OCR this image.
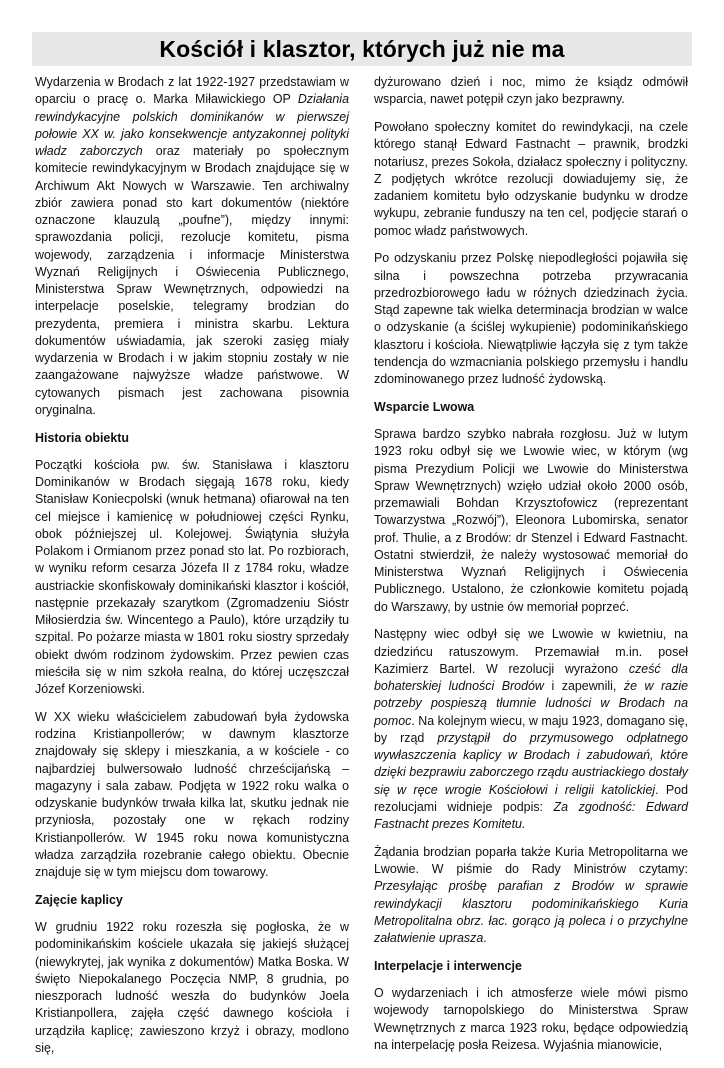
Kościół i klasztor, których już nie ma

Wydarzenia w Brodach z lat 1922-1927 przedstawiam w oparciu o pracę o. Marka Miławickiego OP Działania rewindykacyjne polskich dominikanów w pierwszej połowie XX w. jako konsekwencje antyzakonnej polityki władz zaborczych oraz materiały po społecznym komitecie rewindykacyjnym w Brodach znajdujące się w Archiwum Akt Nowych w Warszawie. Ten archiwalny zbiór zawiera ponad sto kart dokumentów (niektóre oznaczone klauzulą „poufne”), między innymi: sprawozdania policji, rezolucje komitetu, pisma wojewody, zarządzenia i informacje Ministerstwa Wyznań Religijnych i Oświecenia Publicznego, Ministerstwa Spraw Wewnętrznych, odpowiedzi na interpelacje poselskie, telegramy brodzian do prezydenta, premiera i ministra skarbu. Lektura dokumentów uświadamia, jak szeroki zasięg miały wydarzenia w Brodach i w jakim stopniu zostały w nie zaangażowane najwyższe władze państwowe. W cytowanych pismach jest zachowana pisownia oryginalna.

Historia obiektu

Początki kościoła pw. św. Stanisława i klasztoru Dominikanów w Brodach sięgają 1678 roku, kiedy Stanisław Koniecpolski (wnuk hetmana) ofiarował na ten cel miejsce i kamienicę w południowej części Rynku, obok późniejszej ul. Kolejowej. Świątynia służyła Polakom i Ormianom przez ponad sto lat. Po rozbiorach, w wyniku reform cesarza Józefa II z 1784 roku, władze austriackie skonfiskowały dominikański klasztor i kościół, następnie przekazały szarytkom (Zgromadzeniu Sióstr Miłosierdzia św. Wincentego a Paulo), które urządziły tu szpital. Po pożarze miasta w 1801 roku siostry sprzedały obiekt dwóm rodzinom żydowskim. Przez pewien czas mieściła się w nim szkoła realna, do której uczęszczał Józef Korzeniowski.

W XX wieku właścicielem zabudowań była żydowska rodzina Kristianpollerów; w dawnym klasztorze znajdowały się sklepy i mieszkania, a w kościele - co najbardziej bulwersowało ludność chrześcijańską – magazyny i sala zabaw. Podjęta w 1922 roku walka o odzyskanie budynków trwała kilka lat, skutku jednak nie przyniosła, pozostały one w rękach rodziny Kristianpollerów. W 1945 roku nowa komunistyczna władza zarządziła rozebranie całego obiektu. Obecnie znajduje się w tym miejscu dom towarowy.

Zajęcie kaplicy

W grudniu 1922 roku rozeszła się pogłoska, że w podominikańskim kościele ukazała się jakiejś służącej (niewykrytej, jak wynika z dokumentów) Matka Boska. W święto Niepokalanego Poczęcia NMP, 8 grudnia, po nieszporach ludność weszła do budynków Joela Kristianpollera, zajęła część dawnego kościoła i urządziła kaplicę; zawieszono krzyż i obrazy, modlono się,

dyżurowano dzień i noc, mimo że ksiądz odmówił wsparcia, nawet potępił czyn jako bezprawny.

Powołano społeczny komitet do rewindykacji, na czele którego stanął Edward Fastnacht – prawnik, brodzki notariusz, prezes Sokoła, działacz społeczny i polityczny. Z podjętych wkrótce rezolucji dowiadujemy się, że zadaniem komitetu było odzyskanie budynku w drodze wykupu, zebranie funduszy na ten cel, podjęcie starań o pomoc władz państwowych.

Po odzyskaniu przez Polskę niepodległości pojawiła się silna i powszechna potrzeba przywracania przedrozbiorowego ładu w różnych dziedzinach życia. Stąd zapewne tak wielka determinacja brodzian w walce o odzyskanie (a ściślej wykupienie) podominikańskiego klasztoru i kościoła. Niewątpliwie łączyła się z tym także tendencja do wzmacniania polskiego przemysłu i handlu zdominowanego przez ludność żydowską.

Wsparcie Lwowa

Sprawa bardzo szybko nabrała rozgłosu. Już w lutym 1923 roku odbył się we Lwowie wiec, w którym (wg pisma Prezydium Policji we Lwowie do Ministerstwa Spraw Wewnętrznych) wzięło udział około 2000 osób, przemawiali Bohdan Krzysztofowicz (reprezentant Towarzystwa „Rozwój”), Eleonora Lubomirska, senator prof. Thulie, a z Brodów: dr Stenzel i Edward Fastnacht. Ostatni stwierdził, że należy wystosować memoriał do Ministerstwa Wyznań Religijnych i Oświecenia Publicznego. Ustalono, że członkowie komitetu pojadą do Warszawy, by ustnie ów memoriał poprzeć.

Następny wiec odbył się we Lwowie w kwietniu, na dziedzińcu ratuszowym. Przemawiał m.in. poseł Kazimierz Bartel. W rezolucji wyrażono cześć dla bohaterskiej ludności Brodów i zapewnili, że w razie potrzeby pospieszą tłumnie ludności w Brodach na pomoc. Na kolejnym wiecu, w maju 1923, domagano się, by rząd przystąpił do przymusowego odpłatnego wywłaszczenia kaplicy w Brodach i zabudowań, które dzięki bezprawiu zaborczego rządu austriackiego dostały się w ręce wrogie Kościołowi i religii katolickiej. Pod rezolucjami widnieje podpis: Za zgodność: Edward Fastnacht prezes Komitetu.

Żądania brodzian poparła także Kuria Metropolitarna we Lwowie. W piśmie do Rady Ministrów czytamy: Przesyłając prośbę parafian z Brodów w sprawie rewindykacji klasztoru podominikańskiego Kuria Metropolitalna obrz. łac. gorąco ją poleca i o przychylne załatwienie uprasza.

Interpelacje i interwencje

O wydarzeniach i ich atmosferze wiele mówi pismo wojewody tarnopolskiego do Ministerstwa Spraw Wewnętrznych z marca 1923 roku, będące odpowiedzią na interpelację posła Reizesa. Wyjaśnia mianowicie,
